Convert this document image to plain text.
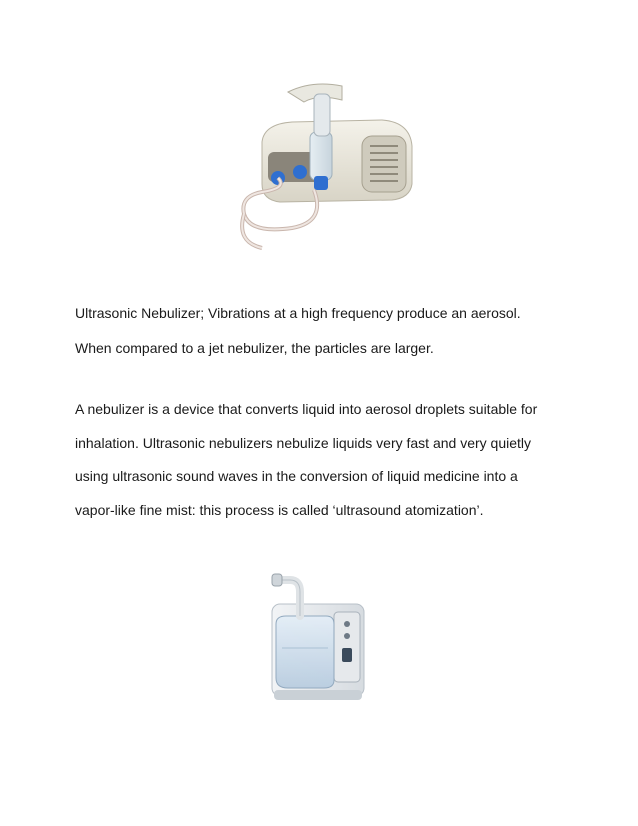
Ultrasonic Nebulizer; Vibrations at a high frequency produce an aerosol.
When compared to a jet nebulizer, the particles are larger.
A nebulizer is a device that converts liquid into aerosol droplets suitable for
inhalation. Ultrasonic nebulizers nebulize liquids very fast and very quietly
using ultrasonic sound waves in the conversion of liquid medicine into a
vapor-like fine mist: this process is called ‘ultrasound atomization’.
